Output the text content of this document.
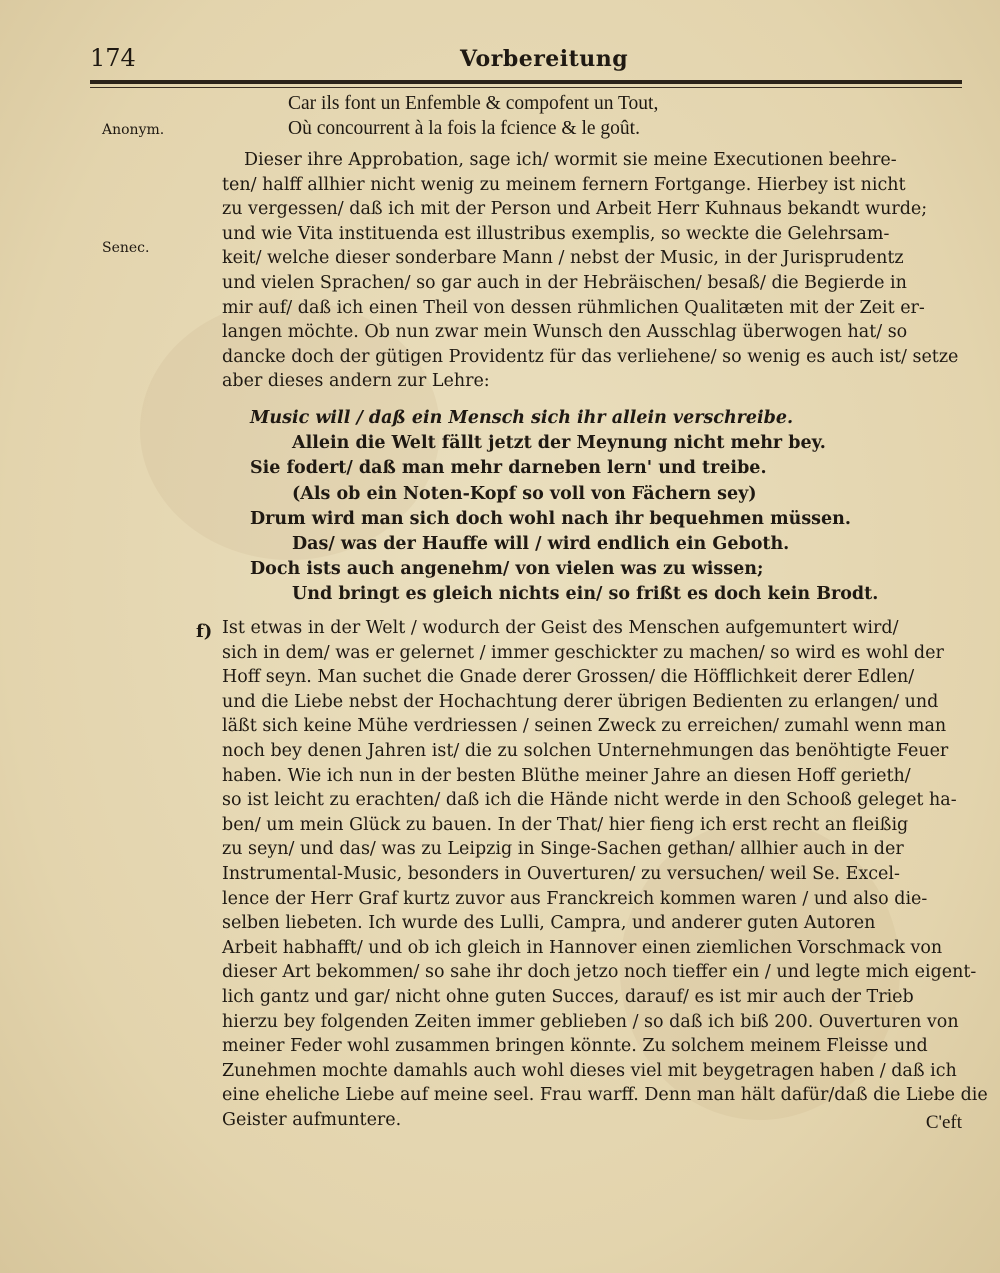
174	Vorbereitung
Anonym.
Senec.
Car ils font un Enfemble & compofent un Tout,
Où concourrent à la fois la fcience & le goût.
Dieser ihre Approbation, sage ich/ wormit sie meine Executionen beehre-
ten/ halff allhier nicht wenig zu meinem fernern Fortgange. Hierbey ist nicht
zu vergessen/ daß ich mit der Person und Arbeit Herr Kuhnaus bekandt wurde;
und wie Vita instituenda est illustribus exemplis, so weckte die Gelehrsam-
keit/ welche dieser sonderbare Mann / nebst der Music, in der Jurisprudentz
und vielen Sprachen/ so gar auch in der Hebräischen/ besaß/ die Begierde in
mir auf/ daß ich einen Theil von dessen rühmlichen Qualitæten mit der Zeit er-
langen möchte. Ob nun zwar mein Wunsch den Ausschlag überwogen hat/ so
dancke doch der gütigen Providentz für das verliehene/ so wenig es auch ist/ setze
aber dieses andern zur Lehre:
Music will / daß ein Mensch sich ihr allein verschreibe.
Allein die Welt fällt jetzt der Meynung nicht mehr bey.
Sie fodert/ daß man mehr darneben lern' und treibe.
(Als ob ein Noten-Kopf so voll von Fächern sey)
Drum wird man sich doch wohl nach ihr bequehmen müssen.
Das/ was der Hauffe will / wird endlich ein Geboth.
Doch ists auch angenehm/ von vielen was zu wissen;
Und bringt es gleich nichts ein/ so frißt es doch kein Brodt.
Ist etwas in der Welt / wodurch der Geist des Menschen aufgemuntert wird/
sich in dem/ was er gelernet / immer geschickter zu machen/ so wird es wohl der
Hoff seyn. Man suchet die Gnade derer Grossen/ die Höfflichkeit derer Edlen/
und die Liebe nebst der Hochachtung derer übrigen Bedienten zu erlangen/ und
läßt sich keine Mühe verdriessen / seinen Zweck zu erreichen/ zumahl wenn man
noch bey denen Jahren ist/ die zu solchen Unternehmungen das benöhtigte Feuer
haben. Wie ich nun in der besten Blüthe meiner Jahre an diesen Hoff gerieth/
so ist leicht zu erachten/ daß ich die Hände nicht werde in den Schooß geleget ha-
ben/ um mein Glück zu bauen. In der That/ hier fieng ich erst recht an fleißig
zu seyn/ und das/ was zu Leipzig in Singe-Sachen gethan/ allhier auch in der
Instrumental-Music, besonders in Ouverturen/ zu versuchen/ weil Se. Excel-
lence der Herr Graf kurtz zuvor aus Franckreich kommen waren / und also die-
selben liebeten. Ich wurde des Lulli, Campra, und anderer guten Autoren
Arbeit habhafft/ und ob ich gleich in Hannover einen ziemlichen Vorschmack von
dieser Art bekommen/ so sahe ihr doch jetzo noch tieffer ein / und legte mich eigent-
lich gantz und gar/ nicht ohne guten Succes, darauf/ es ist mir auch der Trieb
hierzu bey folgenden Zeiten immer geblieben / so daß ich biß 200. Ouverturen von
meiner Feder wohl zusammen bringen könnte. Zu solchem meinem Fleisse und
Zunehmen mochte damahls auch wohl dieses viel mit beygetragen haben / daß ich
eine eheliche Liebe auf meine seel. Frau warff. Denn man hält dafür/daß die Liebe die
Geister aufmuntere.
f)
C'eft
